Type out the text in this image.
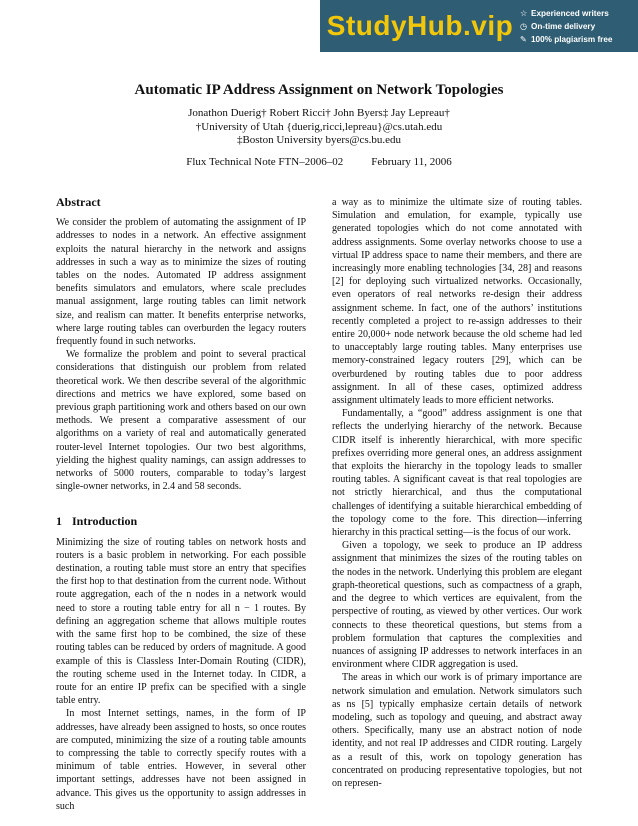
StudyHub.vip ☆ Experienced writers
◷ On-time delivery
✎ 100% plagiarism free
Automatic IP Address Assignment on Network Topologies
Jonathon Duerig† Robert Ricci† John Byers‡ Jay Lepreau†
†University of Utah {duerig,ricci,lepreau}@cs.utah.edu
‡Boston University byers@cs.bu.edu
Flux Technical Note FTN–2006–02	February 11, 2006
Abstract

We consider the problem of automating the assignment of IP addresses to nodes in a network. An effective assignment exploits the natural hierarchy in the network and assigns addresses in such a way as to minimize the sizes of routing tables on the nodes. Automated IP address assignment benefits simulators and emulators, where scale precludes manual assignment, large routing tables can limit network size, and realism can matter. It benefits enterprise networks, where large routing tables can overburden the legacy routers frequently found in such networks.

We formalize the problem and point to several practical considerations that distinguish our problem from related theoretical work. We then describe several of the algorithmic directions and metrics we have explored, some based on previous graph partitioning work and others based on our own methods. We present a comparative assessment of our algorithms on a variety of real and automatically generated router-level Internet topologies. Our two best algorithms, yielding the highest quality namings, can assign addresses to networks of 5000 routers, comparable to today’s largest single-owner networks, in 2.4 and 58 seconds.

1 Introduction

Minimizing the size of routing tables on network hosts and routers is a basic problem in networking. For each possible destination, a routing table must store an entry that specifies the first hop to that destination from the current node. Without route aggregation, each of the n nodes in a network would need to store a routing table entry for all n − 1 routes. By defining an aggregation scheme that allows multiple routes with the same first hop to be combined, the size of these routing tables can be reduced by orders of magnitude. A good example of this is Classless Inter-Domain Routing (CIDR), the routing scheme used in the Internet today. In CIDR, a route for an entire IP prefix can be specified with a single table entry.

In most Internet settings, names, in the form of IP addresses, have already been assigned to hosts, so once routes are computed, minimizing the size of a routing table amounts to compressing the table to correctly specify routes with a minimum of table entries. However, in several other important settings, addresses have not been assigned in advance. This gives us the opportunity to assign addresses in such

a way as to minimize the ultimate size of routing tables. Simulation and emulation, for example, typically use generated topologies which do not come annotated with address assignments. Some overlay networks choose to use a virtual IP address space to name their members, and there are increasingly more enabling technologies [34, 28] and reasons [2] for deploying such virtualized networks. Occasionally, even operators of real networks re-design their address assignment scheme. In fact, one of the authors’ institutions recently completed a project to re-assign addresses to their entire 20,000+ node network because the old scheme had led to unacceptably large routing tables. Many enterprises use memory-constrained legacy routers [29], which can be overburdened by routing tables due to poor address assignment. In all of these cases, optimized address assignment ultimately leads to more efficient networks.

Fundamentally, a “good” address assignment is one that reflects the underlying hierarchy of the network. Because CIDR itself is inherently hierarchical, with more specific prefixes overriding more general ones, an address assignment that exploits the hierarchy in the topology leads to smaller routing tables. A significant caveat is that real topologies are not strictly hierarchical, and thus the computational challenges of identifying a suitable hierarchical embedding of the topology come to the fore. This direction—inferring hierarchy in this practical setting—is the focus of our work.

Given a topology, we seek to produce an IP address assignment that minimizes the sizes of the routing tables on the nodes in the network. Underlying this problem are elegant graph-theoretical questions, such as compactness of a graph, and the degree to which vertices are equivalent, from the perspective of routing, as viewed by other vertices. Our work connects to these theoretical questions, but stems from a problem formulation that captures the complexities and nuances of assigning IP addresses to network interfaces in an environment where CIDR aggregation is used.

The areas in which our work is of primary importance are network simulation and emulation. Network simulators such as ns [5] typically emphasize certain details of network modeling, such as topology and queuing, and abstract away others. Specifically, many use an abstract notion of node identity, and not real IP addresses and CIDR routing. Largely as a result of this, work on topology generation has concentrated on producing representative topologies, but not on represen-
